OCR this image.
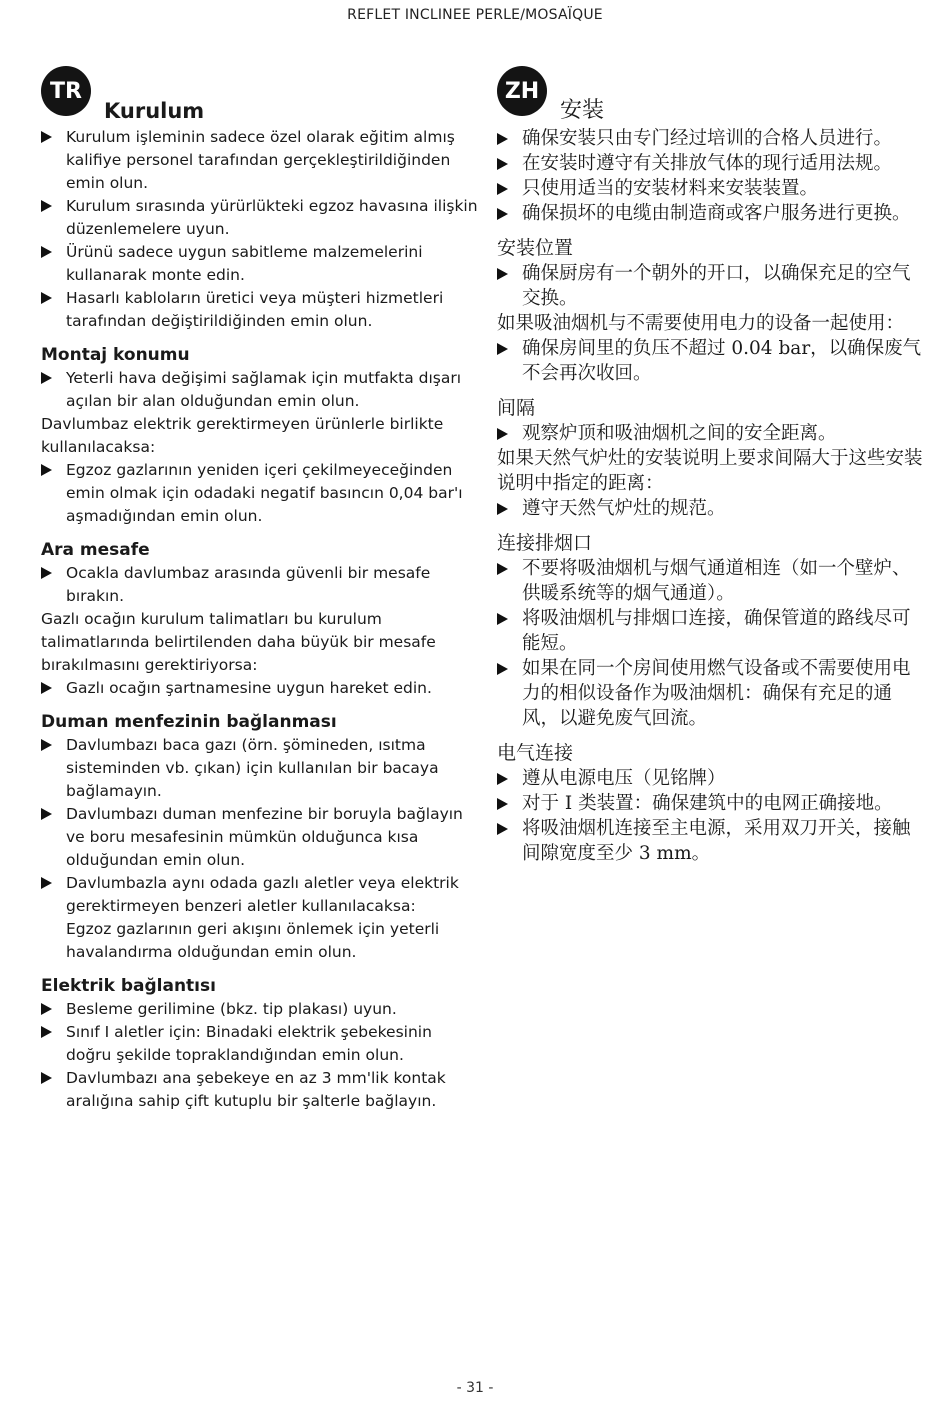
REFLET INCLINEE PERLE/MOSAÏQUE
TR
Kurulum
Kurulum işleminin sadece özel olarak eğitim almış kalifiye personel tarafından gerçekleştirildiğinden emin olun.
Kurulum sırasında yürürlükteki egzoz havasına ilişkin düzenlemelere uyun.
Ürünü sadece uygun sabitleme malzemelerini kullanarak monte edin.
Hasarlı kabloların üretici veya müşteri hizmetleri tarafından değiştirildiğinden emin olun.
Montaj konumu
Yeterli hava değişimi sağlamak için mutfakta dışarı açılan bir alan olduğundan emin olun.
Davlumbaz elektrik gerektirmeyen ürünlerle birlikte kullanılacaksa:
Egzoz gazlarının yeniden içeri çekilmeyeceğinden emin olmak için odadaki negatif basıncın 0,04 bar'ı aşmadığından emin olun.
Ara mesafe
Ocakla davlumbaz arasında güvenli bir mesafe bırakın.
Gazlı ocağın kurulum talimatları bu kurulum talimatlarında belirtilenden daha büyük bir mesafe bırakılmasını gerektiriyorsa:
Gazlı ocağın şartnamesine uygun hareket edin.
Duman menfezinin bağlanması
Davlumbazı baca gazı (örn. şömineden, ısıtma sisteminden vb. çıkan) için kullanılan bir bacaya bağlamayın.
Davlumbazı duman menfezine bir boruyla bağlayın ve boru mesafesinin mümkün olduğunca kısa olduğundan emin olun.
Davlumbazla aynı odada gazlı aletler veya elektrik gerektirmeyen benzeri aletler kullanılacaksa:
Egzoz gazlarının geri akışını önlemek için yeterli havalandırma olduğundan emin olun.
Elektrik bağlantısı
Besleme gerilimine (bkz. tip plakası) uyun.
Sınıf I aletler için: Binadaki elektrik şebekesinin doğru şekilde topraklandığından emin olun.
Davlumbazı ana şebekeye en az 3 mm'lik kontak aralığına sahip çift kutuplu bir şalterle bağlayın.
ZH
安装
确保安装只由专门经过培训的合格人员进行。
在安装时遵守有关排放气体的现行适用法规。
只使用适当的安装材料来安装装置。
确保损坏的电缆由制造商或客户服务进行更换。
安装位置
确保厨房有一个朝外的开口，以确保充足的空气交换。
如果吸油烟机与不需要使用电力的设备一起使用：
确保房间里的负压不超过 0.04 bar，以确保废气不会再次收回。
间隔
观察炉顶和吸油烟机之间的安全距离。
如果天然气炉灶的安装说明上要求间隔大于这些安装说明中指定的距离：
遵守天然气炉灶的规范。
连接排烟口
不要将吸油烟机与烟气通道相连（如一个壁炉、供暖系统等的烟气通道）。
将吸油烟机与排烟口连接，确保管道的路线尽可能短。
如果在同一个房间使用燃气设备或不需要使用电力的相似设备作为吸油烟机：确保有充足的通风，以避免废气回流。
电气连接
遵从电源电压（见铭牌）
对于 I 类装置：确保建筑中的电网正确接地。
将吸油烟机连接至主电源，采用双刀开关，接触间隙宽度至少 3 mm。
- 31 -
